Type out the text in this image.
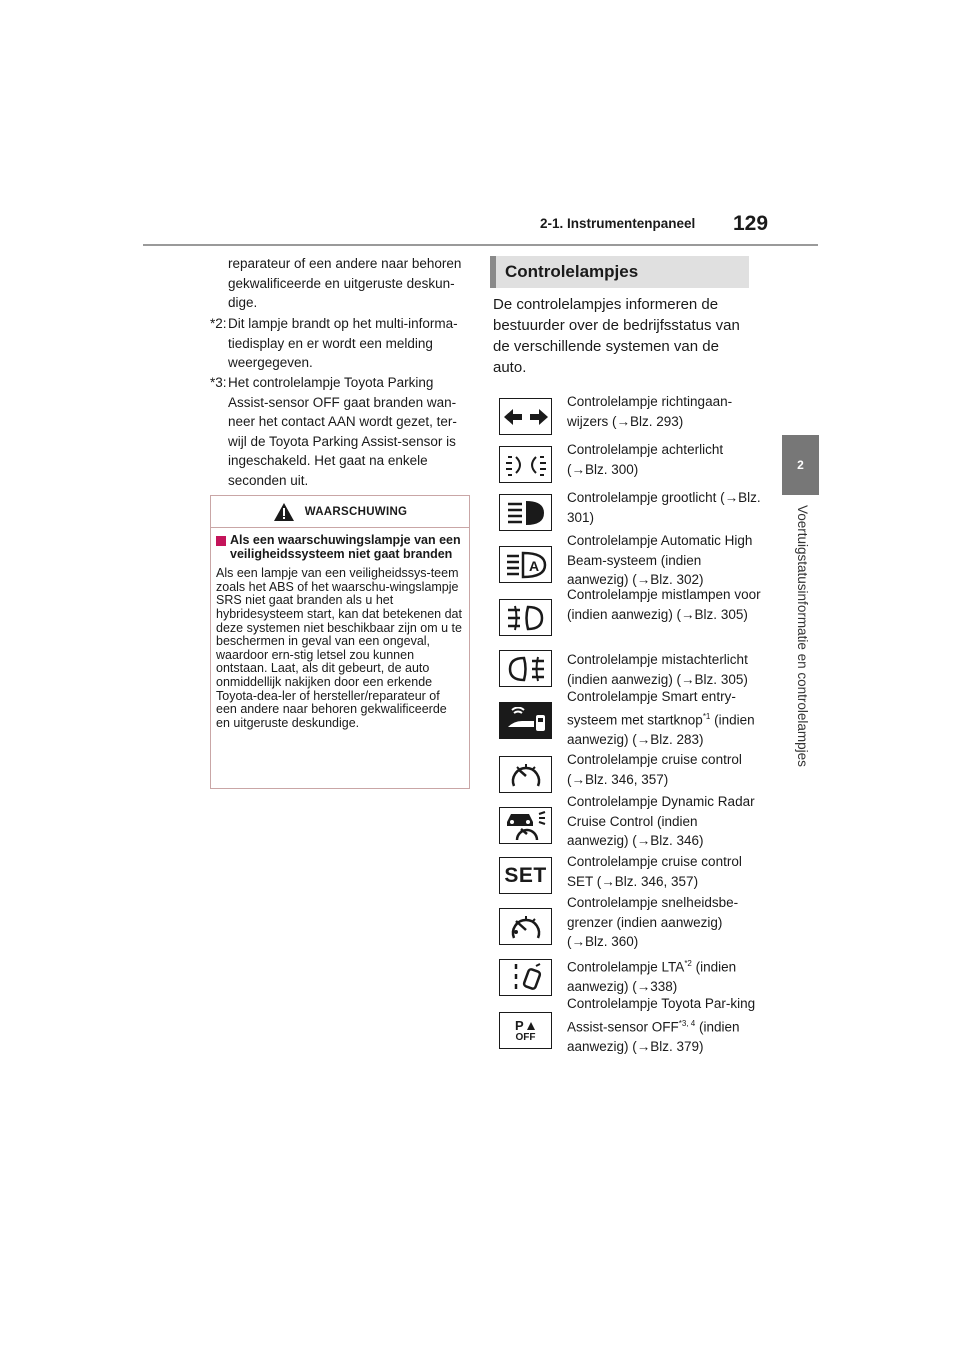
2-1. Instrumentenpaneel 129
2
Voertuigstatusinformatie en controlelampjes
reparateur of een andere naar behoren gekwalificeerde en uitgeruste deskun-dige.
*2: Dit lampje brandt op het multi-informa-tiedisplay en er wordt een melding weergegeven.
*3: Het controlelampje Toyota Parking Assist-sensor OFF gaat branden wan-neer het contact AAN wordt gezet, ter-wijl de Toyota Parking Assist-sensor is ingeschakeld. Het gaat na enkele seconden uit.
WAARSCHUWING
Als een waarschuwingslampje van een veiligheidssysteem niet gaat branden
Als een lampje van een veiligheidssys-teem zoals het ABS of het waarschu-wingslampje SRS niet gaat branden als u het hybridesysteem start, kan dat betekenen dat deze systemen niet beschikbaar zijn om u te beschermen in geval van een ongeval, waardoor ern-stig letsel zou kunnen ontstaan. Laat, als dit gebeurt, de auto onmiddellijk nakijken door een erkende Toyota-dea-ler of hersteller/reparateur of een andere naar behoren gekwalificeerde en uitgeruste deskundige.
Controlelampjes
De controlelampjes informeren de bestuurder over de bedrijfsstatus van de verschillende systemen van de auto.
Controlelampje richtingaan-wijzers (→Blz. 293)
Controlelampje achterlicht (→Blz. 300)
Controlelampje grootlicht (→Blz. 301)
A
Controlelampje Automatic High Beam-systeem (indien aanwezig) (→Blz. 302)
Controlelampje mistlampen voor (indien aanwezig) (→Blz. 305)
Controlelampje mistachterlicht (indien aanwezig) (→Blz. 305)
Controlelampje Smart entry-systeem met startknop$^{*1}$ (indien aanwezig) (→Blz. 283)
Controlelampje cruise control (→Blz. 346, 357)
Controlelampje Dynamic Radar Cruise Control (indien aanwezig) (→Blz. 346)
SET
Controlelampje cruise control SET (→Blz. 346, 357)
Controlelampje snelheidsbe-grenzer (indien aanwezig) (→Blz. 360)
Controlelampje LTA$^{*2}$ (indien aanwezig) (→338)
P
OFF
Controlelampje Toyota Par-king Assist-sensor OFF$^{*3, 4}$ (indien aanwezig) (→Blz. 379)
